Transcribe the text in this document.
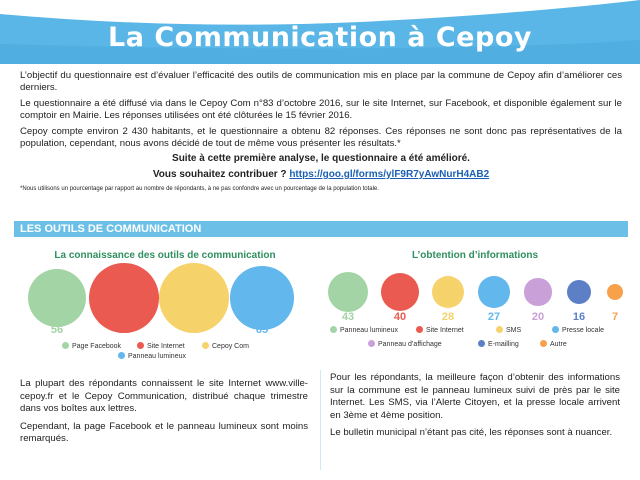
La Communication à Cepoy

L’objectif du questionnaire est d’évaluer l’efficacité des outils de communication mis en place par la commune de Cepoy afin d’améliorer ces derniers.

Le questionnaire a été diffusé via dans le Cepoy Com n°83 d’octobre 2016, sur le site Internet, sur Facebook, et disponible également sur le comptoir en Mairie. Les réponses utilisées ont été clôturées le 15 février 2016.

Cepoy compte environ 2 430 habitants, et le questionnaire a obtenu 82 réponses. Ces réponses ne sont donc pas représentatives de la population, cependant, nous avons décidé de tout de même vous présenter les résultats.*

Suite à cette première analyse, le questionnaire a été amélioré.

Vous souhaitez contribuer ? https://goo.gl/forms/ylF9R7yAwNurH4AB2

*Nous utilisons un pourcentage par rapport au nombre de répondants, à ne pas confondre avec un pourcentage de la population totale.
LES OUTILS DE COMMUNICATION
La connaissance des outils de communication
56	78	79	65
Page Facebook	Site Internet	Cepoy Com
Panneau lumineux
L’obtention d’informations
43	40	28	27	20	16	7
Panneau lumineux	Site Internet	SMS	Presse locale
Panneau d’affichage	E-mailling	Autre

La plupart des répondants connaissent le site Internet www.ville-cepoy.fr et le Cepoy Communication, distribué chaque trimestre dans vos boîtes aux lettres.

Cependant, la page Facebook et le panneau lumineux sont moins remarqués.

Pour les répondants, la meilleure façon d’obtenir des informations sur la commune est le panneau lumineux suivi de près par le site Internet. Les SMS, via l’Alerte Citoyen, et la presse locale arrivent en 3ème et 4ème position.

Le bulletin municipal n’étant pas cité, les réponses sont à nuancer.
